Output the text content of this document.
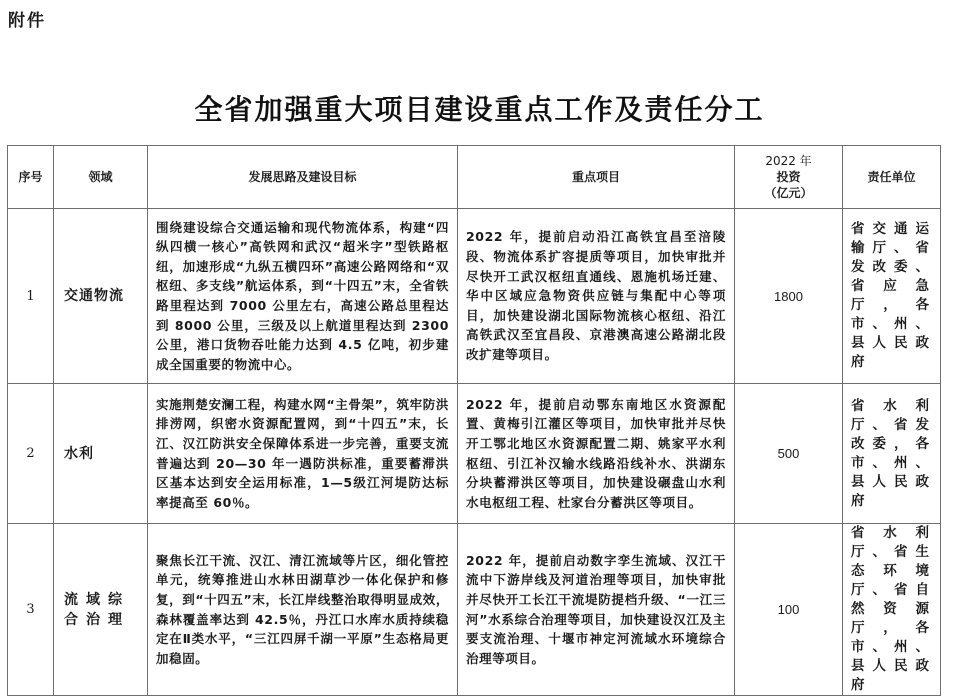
附件
全省加强重大项目建设重点工作及责任分工
序号	领域	发展思路及建设目标	重点项目	2022 年
投资
（亿元）	责任单位
1	交通物流	围绕建设综合交通运输和现代物流体系，构建“四纵四横一核心”高铁网和武汉“超米字”型铁路枢纽，加速形成“九纵五横四环”高速公路网络和“双枢纽、多支线”航运体系，到“十四五”末，全省铁路里程达到 7000 公里左右，高速公路总里程达到 8000 公里，三级及以上航道里程达到 2300 公里，港口货物吞吐能力达到 4.5 亿吨，初步建成全国重要的物流中心。	2022 年，提前启动沿江高铁宜昌至涪陵段、物流体系扩容提质等项目，加快审批并尽快开工武汉枢纽直通线、恩施机场迁建、华中区域应急物资供应链与集配中心等项目，加快建设湖北国际物流核心枢纽、沿江高铁武汉至宜昌段、京港澳高速公路湖北段改扩建等项目。	1800	省交通运输厅、省发改委、省应急厅，各市、州、县人民政府
2	水利	实施荆楚安澜工程，构建水网“主骨架”，筑牢防洪排涝网，织密水资源配置网，到“十四五”末，长江、汉江防洪安全保障体系进一步完善，重要支流普遍达到 20—30 年一遇防洪标准，重要蓄滞洪区基本达到安全运用标准，1—5级江河堤防达标率提高至 60％。	2022 年，提前启动鄂东南地区水资源配置、黄梅引江灌区等项目，加快审批并尽快开工鄂北地区水资源配置二期、姚家平水利枢纽、引江补汉输水线路沿线补水、洪湖东分块蓄滞洪区等项目，加快建设碾盘山水利水电枢纽工程、杜家台分蓄洪区等项目。	500	省水利厅、省发改委，各市、州、县人民政府
3	流域综合治理	聚焦长江干流、汉江、清江流域等片区，细化管控单元，统筹推进山水林田湖草沙一体化保护和修复，到“十四五”末，长江岸线整治取得明显成效，森林覆盖率达到 42.5％，丹江口水库水质持续稳定在Ⅱ类水平，“三江四屏千湖一平原”生态格局更加稳固。	2022 年，提前启动数字孪生流域、汉江干流中下游岸线及河道治理等项目，加快审批并尽快开工长江干流堤防提档升级、“一江三河”水系综合治理等项目，加快建设汉江及主要支流治理、十堰市神定河流域水环境综合治理等项目。	100	省水利厅、省生态环境厅、省自然资源厅，各市、州、县人民政府
